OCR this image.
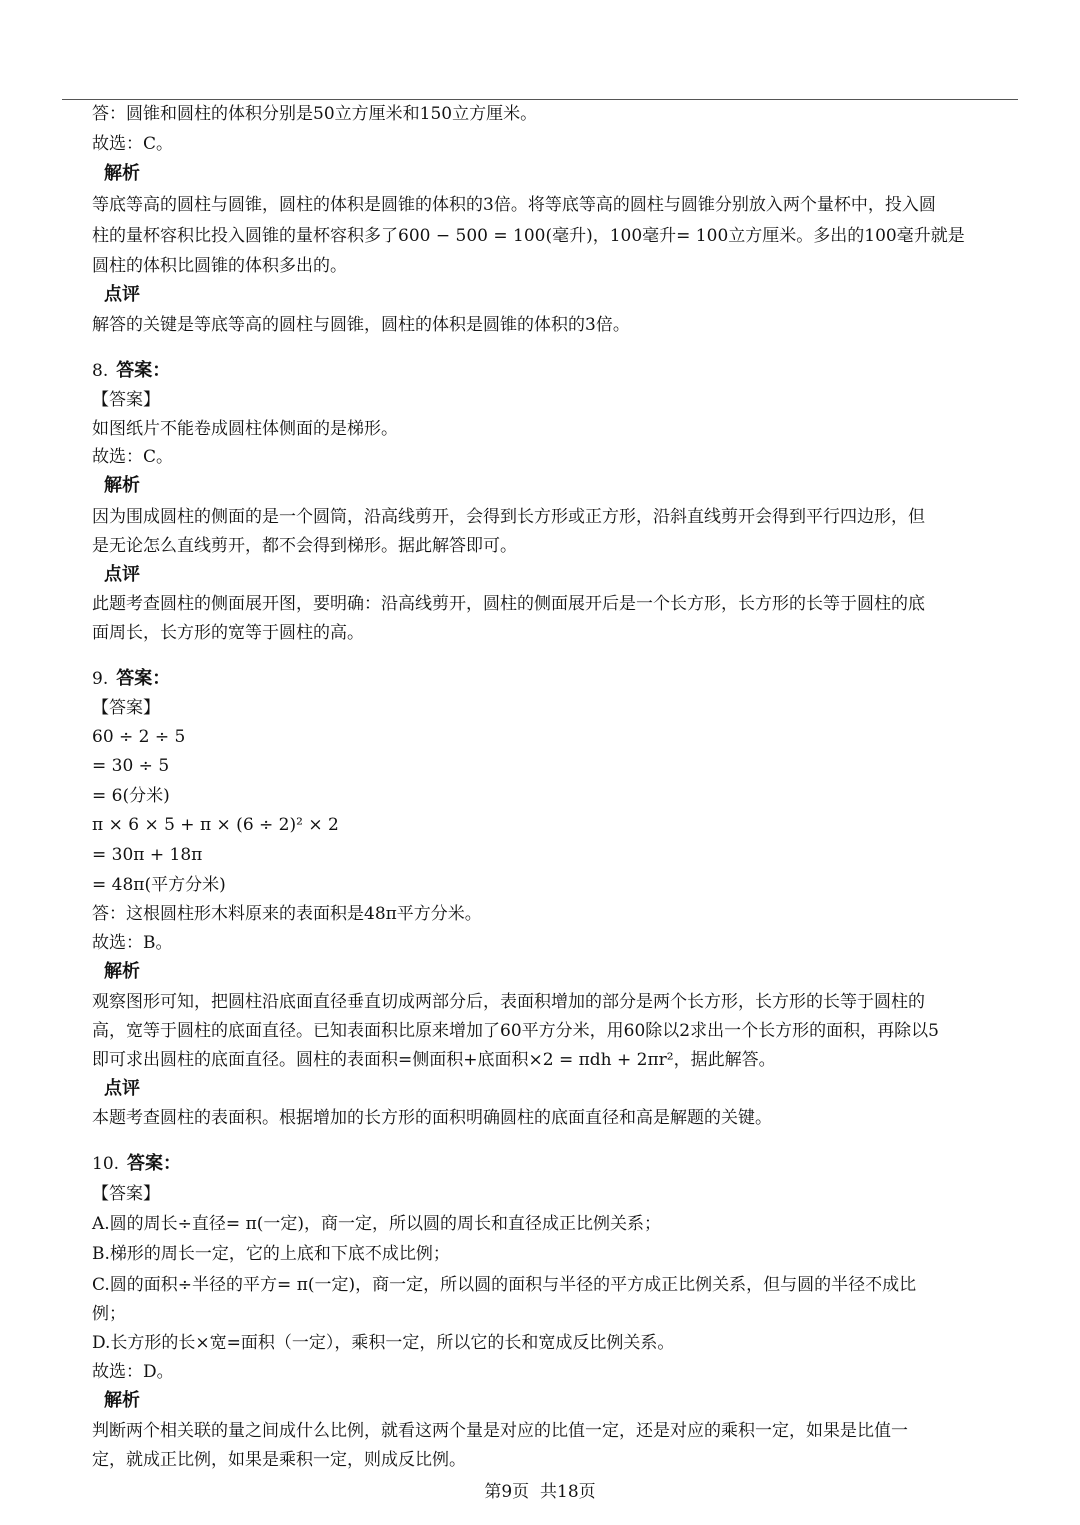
答：圆锥和圆柱的体积分别是50立方厘米和150立方厘米。
故选：C。
解析
等底等高的圆柱与圆锥，圆柱的体积是圆锥的体积的3倍。将等底等高的圆柱与圆锥分别放入两个量杯中，投入圆
柱的量杯容积比投入圆锥的量杯容积多了600 − 500 = 100(毫升)，100毫升= 100立方厘米。多出的100毫升就是
圆柱的体积比圆锥的体积多出的。
点评
解答的关键是等底等高的圆柱与圆锥，圆柱的体积是圆锥的体积的3倍。
8. 答案：
【答案】
如图纸片不能卷成圆柱体侧面的是梯形。
故选：C。
解析
因为围成圆柱的侧面的是一个圆筒，沿高线剪开，会得到长方形或正方形，沿斜直线剪开会得到平行四边形，但
是无论怎么直线剪开，都不会得到梯形。据此解答即可。
点评
此题考查圆柱的侧面展开图，要明确：沿高线剪开，圆柱的侧面展开后是一个长方形，长方形的长等于圆柱的底
面周长，长方形的宽等于圆柱的高。
9. 答案：
【答案】
60 ÷ 2 ÷ 5
= 30 ÷ 5
= 6(分米)
π × 6 × 5 + π × (6 ÷ 2)² × 2
= 30π + 18π
= 48π(平方分米)
答：这根圆柱形木料原来的表面积是48π平方分米。
故选：B。
解析
观察图形可知，把圆柱沿底面直径垂直切成两部分后，表面积增加的部分是两个长方形，长方形的长等于圆柱的
高，宽等于圆柱的底面直径。已知表面积比原来增加了60平方分米，用60除以2求出一个长方形的面积，再除以5
即可求出圆柱的底面直径。圆柱的表面积=侧面积+底面积×2 = πdh + 2πr²，据此解答。
点评
本题考查圆柱的表面积。根据增加的长方形的面积明确圆柱的底面直径和高是解题的关键。
10. 答案：
【答案】
A.圆的周长÷直径= π(一定)，商一定，所以圆的周长和直径成正比例关系；
B.梯形的周长一定，它的上底和下底不成比例；
C.圆的面积÷半径的平方= π(一定)，商一定，所以圆的面积与半径的平方成正比例关系，但与圆的半径不成比
例；
D.长方形的长×宽=面积（一定），乘积一定，所以它的长和宽成反比例关系。
故选：D。
解析
判断两个相关联的量之间成什么比例，就看这两个量是对应的比值一定，还是对应的乘积一定，如果是比值一
定，就成正比例，如果是乘积一定，则成反比例。
第9页 共18页
